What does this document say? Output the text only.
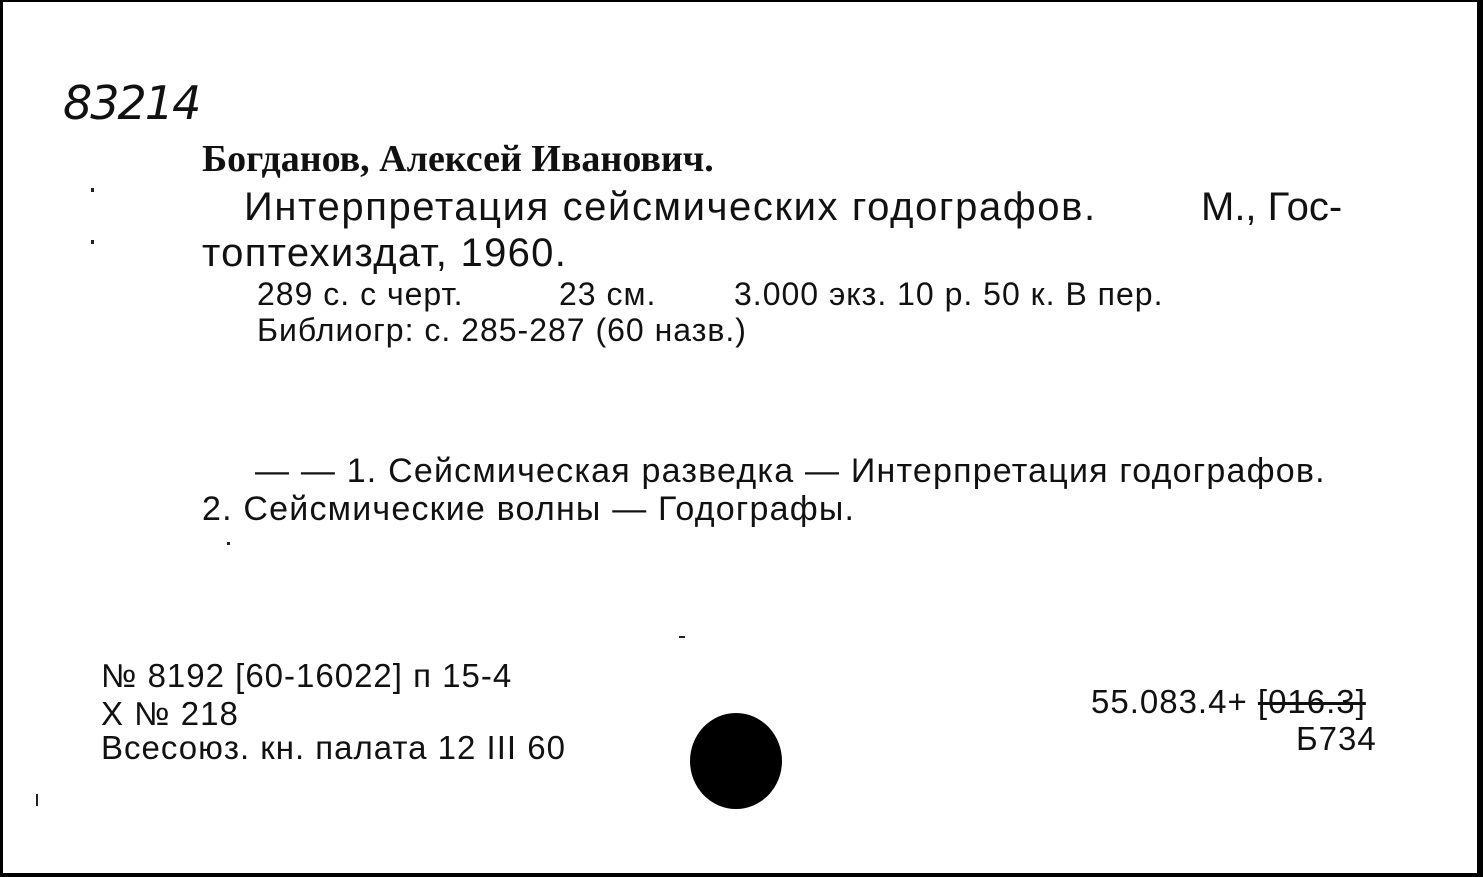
83214
Богданов, Алексей Иванович.
Интерпретация сейсмических годографов.	М., Гос-
топтехиздат, 1960.
289 с. с черт.	23 см. 3.000 экз. 10 р. 50 к. В пер.
Библиогр: с. 285-287 (60 назв.)
— — 1. Сейсмическая разведка — Интерпретация годографов.
2. Сейсмические волны — Годографы.
№ 8192 [60-16022] п 15-4
Х № 218
Всесоюз. кн. палата 12 III 60
55.083.4+ [016.3]
Б734
